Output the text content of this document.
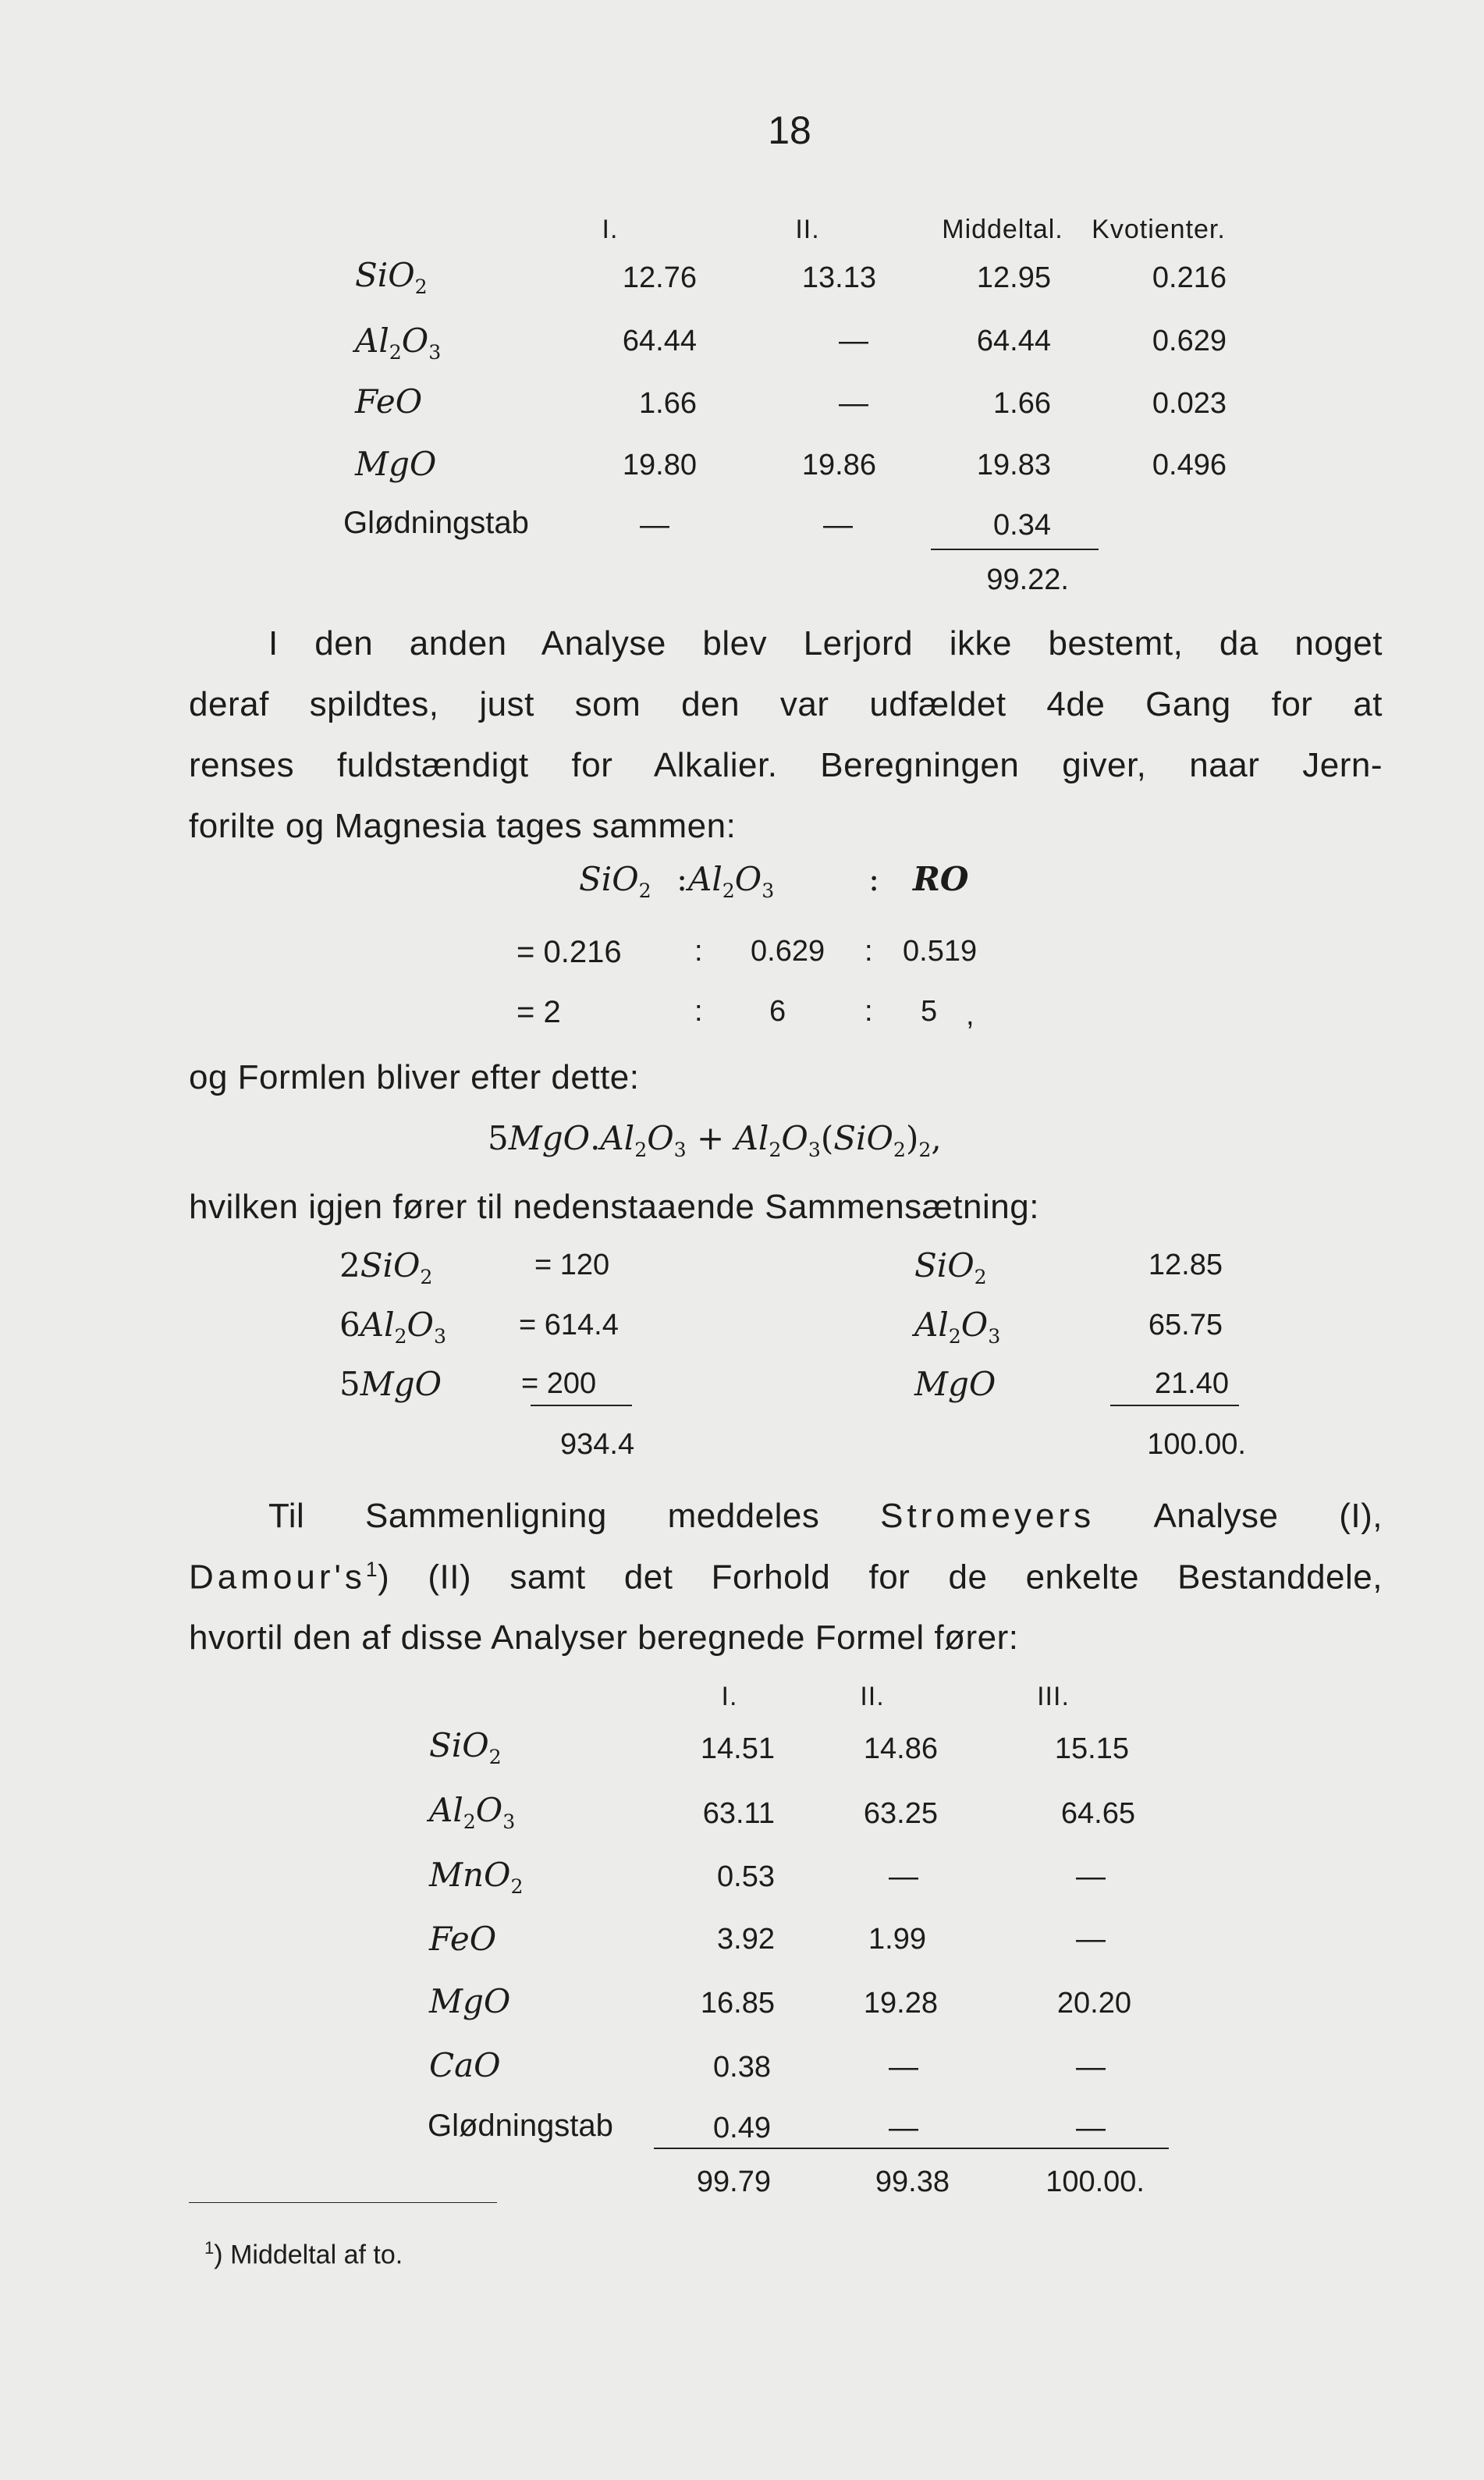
18
I.	II.	Middeltal. Kvotienter.
SiO$_2$	12.76	13.13	12.95	0.216
$Al_2O_3$	64.44	—	64.44	0.629
FeO	1.66	—	1.66	0.023
MgO	19.80	19.86	19.83	0.496
Glødningstab	—	—	0.34
99.22.
I den anden Analyse blev Lerjord ikke bestemt, da noget
deraf spildtes, just som den var udfældet 4de Gang for at
renses fuldstændigt for Alkalier. Beregningen giver, naar Jern-
forilte og Magnesia tages sammen:
SiO$_2$ : $Al_2O_3$	: RO
= 0.216 : 0.629 : 0.519
= 2	: 6	: 5 ,
og Formlen bliver efter dette:
$5MgO.Al_2O_3 + Al_2O_3(SiO_2)_2$,
hvilken igjen fører til nedenstaaende Sammensætning:
2SiO$_2$	= 120
$6Al_2O_3 = 614.4$
5MgO	= 200
934.4
SiO$_2$	12.85
$Al_2O_3$	65.75
MgO	21.40
100.00.
Til Sammenligning meddeles Stromeyers Analyse (I),
$Damour's^1$) (II) samt det Forhold for de enkelte Bestanddele,
hvortil den af disse Analyser beregnede Formel fører:
I.	II.	III.
SiO$_2$	14.51	14.86	15.15
$Al_2O_3$	63.11	63.25	64.65
MnO$_2$	0.53	—	—
FeO	3.92	1.99	—
MgO	16.85	19.28	20.20
CaO	0.38	—	—
Glødningstab	0.49	—	—
99.79	99.38	100.00.
$^1$) Middeltal af to.
